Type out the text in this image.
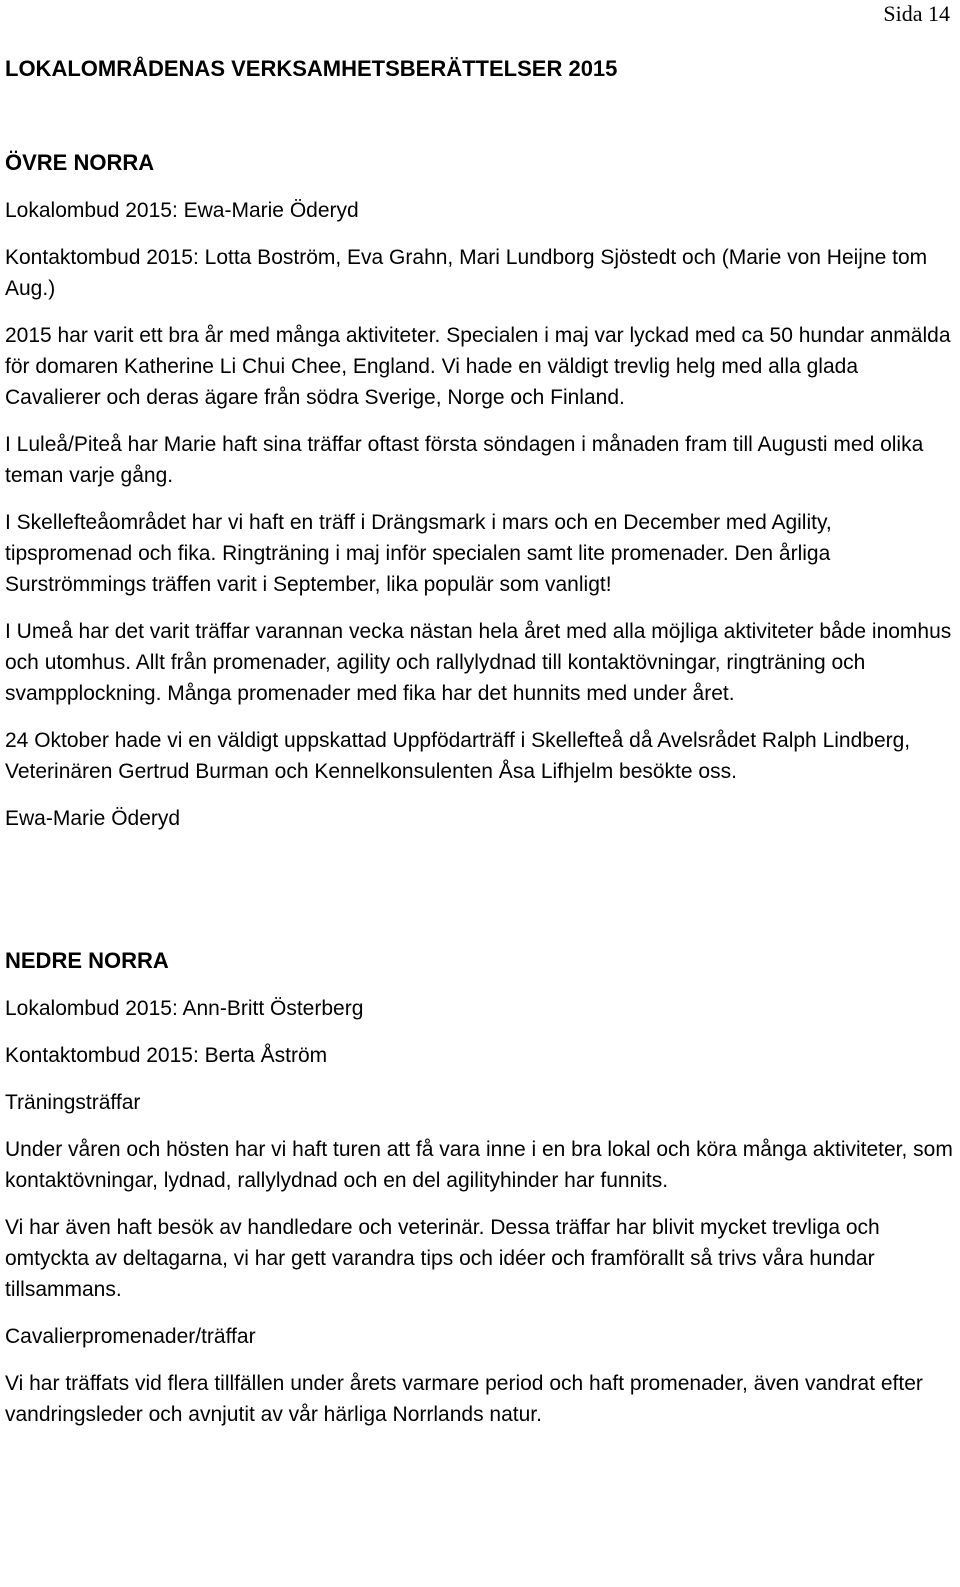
Sida 14
LOKALOMRÅDENAS VERKSAMHETSBERÄTTELSER 2015
ÖVRE NORRA

Lokalombud 2015: Ewa-Marie Öderyd

Kontaktombud 2015: Lotta Boström, Eva Grahn, Mari Lundborg Sjöstedt och (Marie von Heijne tom Aug.)

2015 har varit ett bra år med många aktiviteter. Specialen i maj var lyckad med ca 50 hundar anmälda för domaren Katherine Li Chui Chee, England. Vi hade en väldigt trevlig helg med alla glada Cavalierer och deras ägare från södra Sverige, Norge och Finland.

I Luleå/Piteå har Marie haft sina träffar oftast första söndagen i månaden fram till Augusti med olika teman varje gång.

I Skellefteåområdet har vi haft en träff i Drängsmark i mars och en December med Agility, tipspromenad och fika. Ringträning i maj inför specialen samt lite promenader. Den årliga Surströmmings träffen varit i September, lika populär som vanligt!

I Umeå har det varit träffar varannan vecka nästan hela året med alla möjliga aktiviteter både inomhus och utomhus. Allt från promenader, agility och rallylydnad till kontaktövningar, ringträning och svampplockning. Många promenader med fika har det hunnits med under året.

24 Oktober hade vi en väldigt uppskattad Uppfödarträff i Skellefteå då Avelsrådet Ralph Lindberg, Veterinären Gertrud Burman och Kennelkonsulenten Åsa Lifhjelm besökte oss.

Ewa-Marie Öderyd

NEDRE NORRA

Lokalombud 2015: Ann-Britt Österberg

Kontaktombud 2015: Berta Åström

Träningsträffar

Under våren och hösten har vi haft turen att få vara inne i en bra lokal och köra många aktiviteter, som kontaktövningar, lydnad, rallylydnad och en del agilityhinder har funnits.

Vi har även haft besök av handledare och veterinär. Dessa träffar har blivit mycket trevliga och omtyckta av deltagarna, vi har gett varandra tips och idéer och framförallt så trivs våra hundar tillsammans.

Cavalierpromenader/träffar

Vi har träffats vid flera tillfällen under årets varmare period och haft promenader, även vandrat efter vandringsleder och avnjutit av vår härliga Norrlands natur.
